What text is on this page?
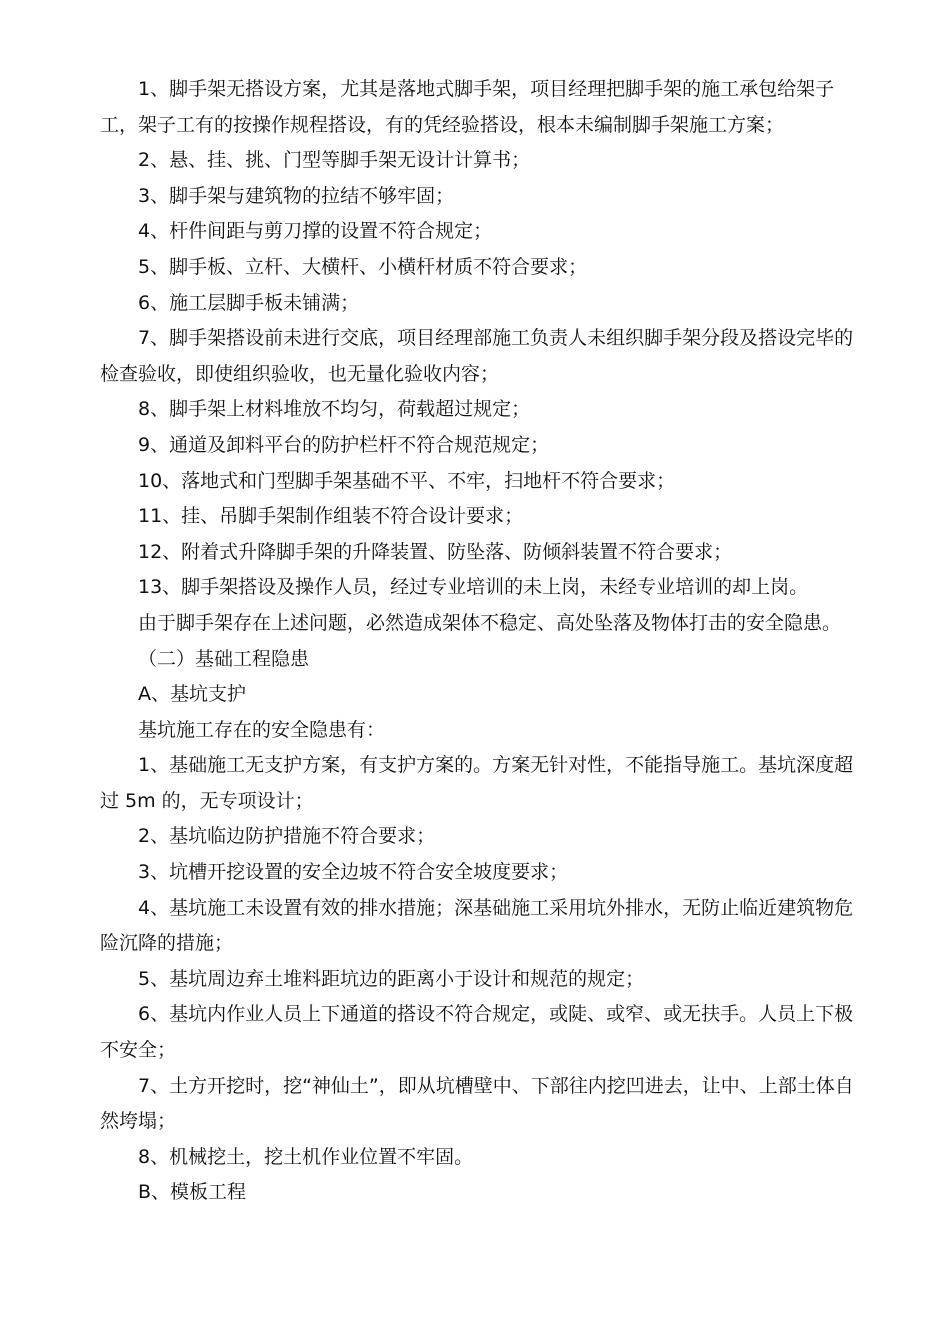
1、脚手架无搭设方案，尤其是落地式脚手架，项目经理把脚手架的施工承包给架子工，架子工有的按操作规程搭设，有的凭经验搭设，根本未编制脚手架施工方案；

2、悬、挂、挑、门型等脚手架无设计计算书；

3、脚手架与建筑物的拉结不够牢固；

4、杆件间距与剪刀撑的设置不符合规定；

5、脚手板、立杆、大横杆、小横杆材质不符合要求；

6、施工层脚手板未铺满；

7、脚手架搭设前未进行交底，项目经理部施工负责人未组织脚手架分段及搭设完毕的检查验收，即使组织验收，也无量化验收内容；

8、脚手架上材料堆放不均匀，荷载超过规定；

9、通道及卸料平台的防护栏杆不符合规范规定；

10、落地式和门型脚手架基础不平、不牢，扫地杆不符合要求；

11、挂、吊脚手架制作组装不符合设计要求；

12、附着式升降脚手架的升降装置、防坠落、防倾斜装置不符合要求；

13、脚手架搭设及操作人员，经过专业培训的未上岗，未经专业培训的却上岗。

由于脚手架存在上述问题，必然造成架体不稳定、高处坠落及物体打击的安全隐患。

（二）基础工程隐患

A、基坑支护

基坑施工存在的安全隐患有：

1、基础施工无支护方案，有支护方案的。方案无针对性，不能指导施工。基坑深度超过 5m 的，无专项设计；

2、基坑临边防护措施不符合要求；

3、坑槽开挖设置的安全边坡不符合安全坡度要求；

4、基坑施工未设置有效的排水措施；深基础施工采用坑外排水，无防止临近建筑物危险沉降的措施；

5、基坑周边弃土堆料距坑边的距离小于设计和规范的规定；

6、基坑内作业人员上下通道的搭设不符合规定，或陡、或窄、或无扶手。人员上下极不安全；

7、土方开挖时，挖“神仙土”，即从坑槽壁中、下部往内挖凹进去，让中、上部土体自然垮塌；

8、机械挖土，挖土机作业位置不牢固。

B、模板工程
